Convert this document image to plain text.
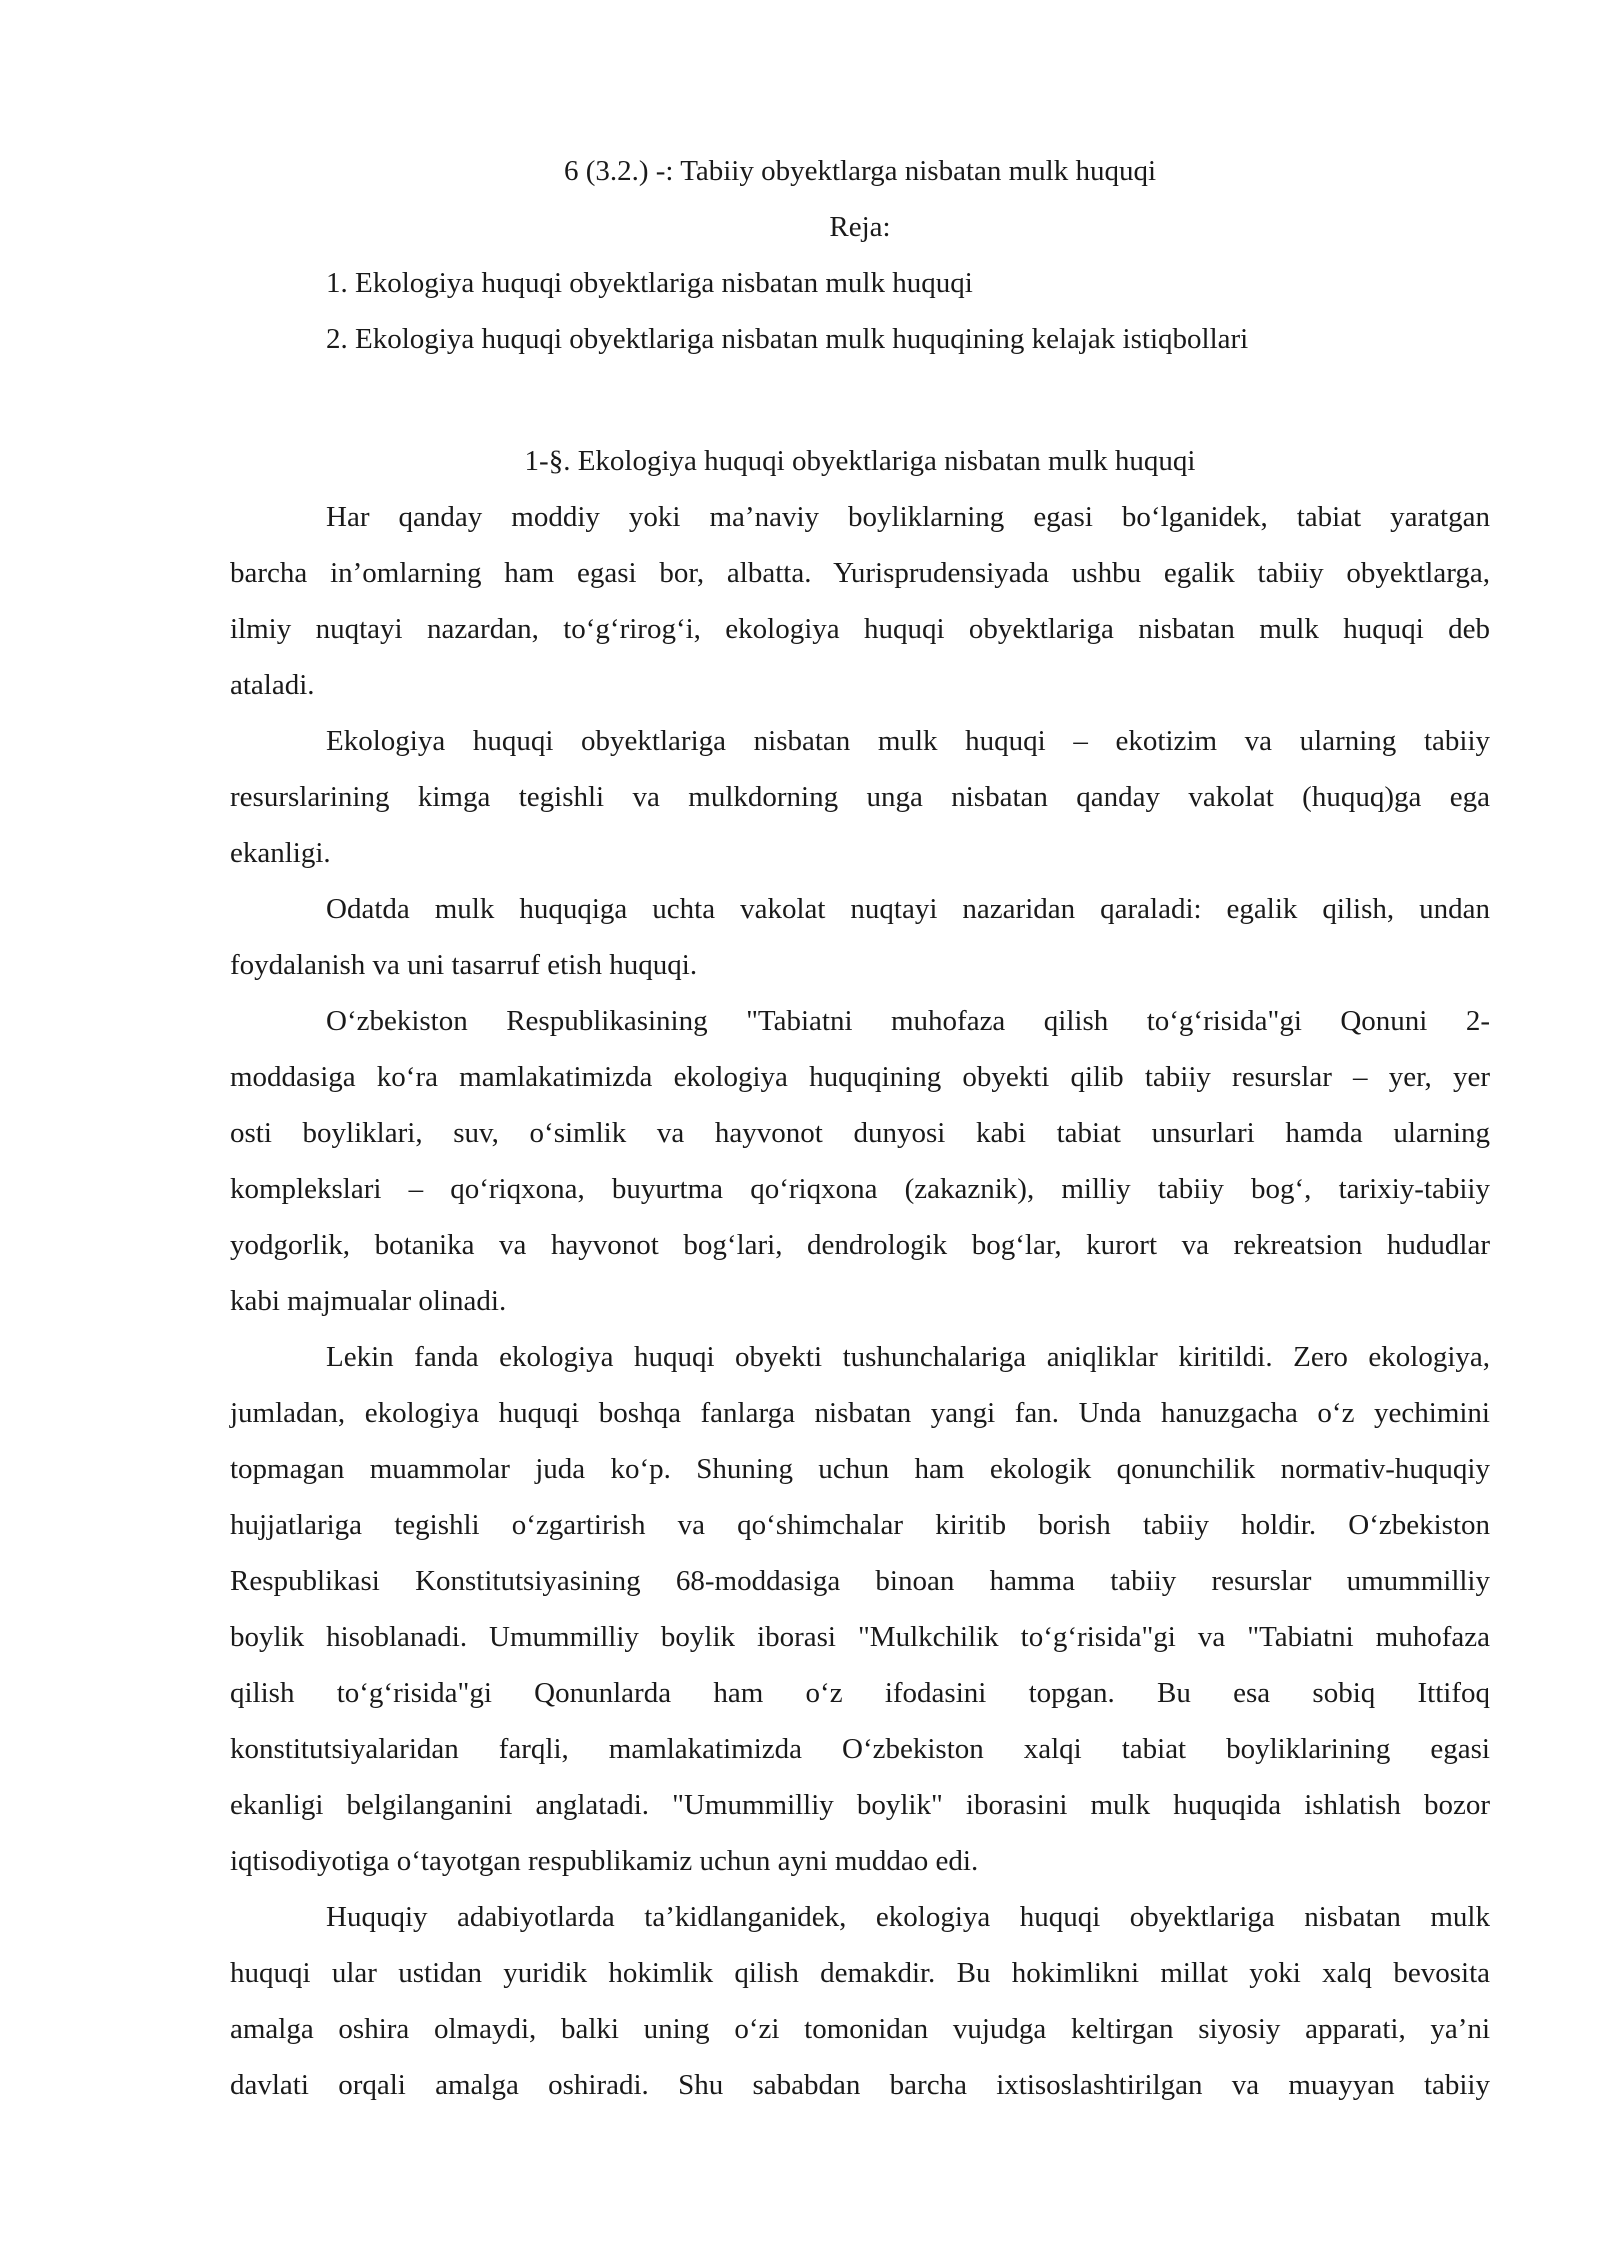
6 (3.2.) -: Tabiiy obyektlarga nisbatan mulk huquqi
Reja:
1. Ekologiya huquqi obyektlariga nisbatan mulk huquqi
2. Ekologiya huquqi obyektlariga nisbatan mulk huquqining kelajak istiqbollari
1-§. Ekologiya huquqi obyektlariga nisbatan mulk huquqi
Har qanday moddiy yoki ma’naviy boyliklarning egasi bo‘lganidek, tabiat yaratgan
barcha in’omlarning ham egasi bor, albatta. Yurisprudensiyada ushbu egalik tabiiy obyektlarga,
ilmiy nuqtayi nazardan, to‘g‘rirog‘i, ekologiya huquqi obyektlariga nisbatan mulk huquqi deb
ataladi.
Ekologiya huquqi obyektlariga nisbatan mulk huquqi – ekotizim va ularning tabiiy
resurslarining kimga tegishli va mulkdorning unga nisbatan qanday vakolat (huquq)ga ega
ekanligi.
Odatda mulk huquqiga uchta vakolat nuqtayi nazaridan qaraladi: egalik qilish, undan
foydalanish va uni tasarruf etish huquqi.
O‘zbekiston Respublikasining "Tabiatni muhofaza qilish to‘g‘risida"gi Qonuni 2-
moddasiga ko‘ra mamlakatimizda ekologiya huquqining obyekti qilib tabiiy resurslar – yer, yer
osti boyliklari, suv, o‘simlik va hayvonot dunyosi kabi tabiat unsurlari hamda ularning
komplekslari – qo‘riqxona, buyurtma qo‘riqxona (zakaznik), milliy tabiiy bog‘, tarixiy-tabiiy
yodgorlik, botanika va hayvonot bog‘lari, dendrologik bog‘lar, kurort va rekreatsion hududlar
kabi majmualar olinadi.
Lekin fanda ekologiya huquqi obyekti tushunchalariga aniqliklar kiritildi. Zero ekologiya,
jumladan, ekologiya huquqi boshqa fanlarga nisbatan yangi fan. Unda hanuzgacha o‘z yechimini
topmagan muammolar juda ko‘p. Shuning uchun ham ekologik qonunchilik normativ-huquqiy
hujjatlariga tegishli o‘zgartirish va qo‘shimchalar kiritib borish tabiiy holdir. O‘zbekiston
Respublikasi Konstitutsiyasining 68-moddasiga binoan hamma tabiiy resurslar umummilliy
boylik hisoblanadi. Umummilliy boylik iborasi "Mulkchilik to‘g‘risida"gi va "Tabiatni muhofaza
qilish to‘g‘risida"gi Qonunlarda ham o‘z ifodasini topgan. Bu esa sobiq Ittifoq
konstitutsiyalaridan farqli, mamlakatimizda O‘zbekiston xalqi tabiat boyliklarining egasi
ekanligi belgilanganini anglatadi. "Umummilliy boylik" iborasini mulk huquqida ishlatish bozor
iqtisodiyotiga o‘tayotgan respublikamiz uchun ayni muddao edi.
Huquqiy adabiyotlarda ta’kidlanganidek, ekologiya huquqi obyektlariga nisbatan mulk
huquqi ular ustidan yuridik hokimlik qilish demakdir. Bu hokimlikni millat yoki xalq bevosita
amalga oshira olmaydi, balki uning o‘zi tomonidan vujudga keltirgan siyosiy apparati, ya’ni
davlati orqali amalga oshiradi. Shu sababdan barcha ixtisoslashtirilgan va muayyan tabiiy
